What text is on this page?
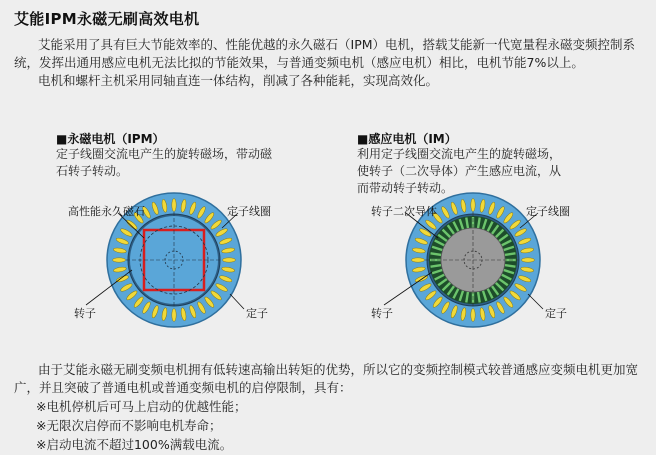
艾能IPM永磁无刷高效电机
艾能采用了具有巨大节能效率的、性能优越的永久磁石（IPM）电机，搭载艾能新一代宽量程永磁变频控制系统，发挥出通用感应电机无法比拟的节能效果，与普通变频电机（感应电机）相比，电机节能7%以上。
电机和螺杆主机采用同轴直连一体结构，削减了各种能耗，实现高效化。
■永磁电机（IPM）
定子线圈交流电产生的旋转磁场，带动磁
石转子转动。
■感应电机（IM）
利用定子线圈交流电产生的旋转磁场，
使转子（二次导体）产生感应电流，从
而带动转子转动。
高性能永久磁石	定子线圈
转子	定子
转子二次导体	定子线圈
转子	定子
由于艾能永磁无刷变频电机拥有低转速高输出转矩的优势，所以它的变频控制模式较普通感应变频电机更加宽广，并且突破了普通电机或普通变频电机的启停限制，具有：
※电机停机后可马上启动的优越性能；
※无限次启停而不影响电机寿命；
※启动电流不超过100%满载电流。
